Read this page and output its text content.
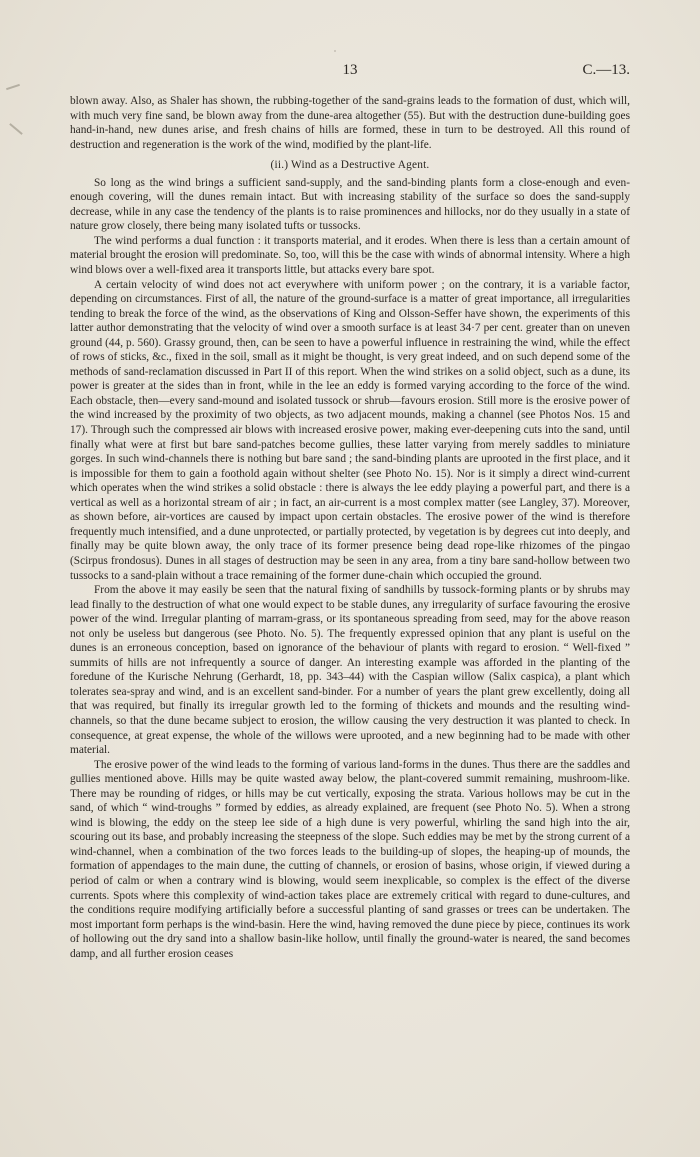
13	C.—13.

blown away. Also, as Shaler has shown, the rubbing-together of the sand-grains leads to the formation of dust, which will, with much very fine sand, be blown away from the dune-area altogether (55). But with the destruction dune-building goes hand-in-hand, new dunes arise, and fresh chains of hills are formed, these in turn to be destroyed. All this round of destruction and regeneration is the work of the wind, modified by the plant-life.

(ii.) Wind as a Destructive Agent.

So long as the wind brings a sufficient sand-supply, and the sand-binding plants form a close-enough and even-enough covering, will the dunes remain intact. But with increasing stability of the surface so does the sand-supply decrease, while in any case the tendency of the plants is to raise prominences and hillocks, nor do they usually in a state of nature grow closely, there being many isolated tufts or tussocks.

The wind performs a dual function : it transports material, and it erodes. When there is less than a certain amount of material brought the erosion will predominate. So, too, will this be the case with winds of abnormal intensity. Where a high wind blows over a well-fixed area it transports little, but attacks every bare spot.

A certain velocity of wind does not act everywhere with uniform power ; on the contrary, it is a variable factor, depending on circumstances. First of all, the nature of the ground-surface is a matter of great importance, all irregularities tending to break the force of the wind, as the observations of King and Olsson-Seffer have shown, the experiments of this latter author demonstrating that the velocity of wind over a smooth surface is at least 34·7 per cent. greater than on uneven ground (44, p. 560). Grassy ground, then, can be seen to have a powerful influence in restraining the wind, while the effect of rows of sticks, &c., fixed in the soil, small as it might be thought, is very great indeed, and on such depend some of the methods of sand-reclamation discussed in Part II of this report. When the wind strikes on a solid object, such as a dune, its power is greater at the sides than in front, while in the lee an eddy is formed varying according to the force of the wind. Each obstacle, then—every sand-mound and isolated tussock or shrub—favours erosion. Still more is the erosive power of the wind increased by the proximity of two objects, as two adjacent mounds, making a channel (see Photos Nos. 15 and 17). Through such the compressed air blows with increased erosive power, making ever-deepening cuts into the sand, until finally what were at first but bare sand-patches become gullies, these latter varying from merely saddles to miniature gorges. In such wind-channels there is nothing but bare sand ; the sand-binding plants are uprooted in the first place, and it is impossible for them to gain a foothold again without shelter (see Photo No. 15). Nor is it simply a direct wind-current which operates when the wind strikes a solid obstacle : there is always the lee eddy playing a powerful part, and there is a vertical as well as a horizontal stream of air ; in fact, an air-current is a most complex matter (see Langley, 37). Moreover, as shown before, air-vortices are caused by impact upon certain obstacles. The erosive power of the wind is therefore frequently much intensified, and a dune unprotected, or partially protected, by vegetation is by degrees cut into deeply, and finally may be quite blown away, the only trace of its former presence being dead rope-like rhizomes of the pingao (Scirpus frondosus). Dunes in all stages of destruction may be seen in any area, from a tiny bare sand-hollow between two tussocks to a sand-plain without a trace remaining of the former dune-chain which occupied the ground.

From the above it may easily be seen that the natural fixing of sandhills by tussock-forming plants or by shrubs may lead finally to the destruction of what one would expect to be stable dunes, any irregularity of surface favouring the erosive power of the wind. Irregular planting of marram-grass, or its spontaneous spreading from seed, may for the above reason not only be useless but dangerous (see Photo. No. 5). The frequently expressed opinion that any plant is useful on the dunes is an erroneous conception, based on ignorance of the behaviour of plants with regard to erosion. “ Well-fixed ” summits of hills are not infrequently a source of danger. An interesting example was afforded in the planting of the foredune of the Kurische Nehrung (Gerhardt, 18, pp. 343–44) with the Caspian willow (Salix caspica), a plant which tolerates sea-spray and wind, and is an excellent sand-binder. For a number of years the plant grew excellently, doing all that was required, but finally its irregular growth led to the forming of thickets and mounds and the resulting wind-channels, so that the dune became subject to erosion, the willow causing the very destruction it was planted to check. In consequence, at great expense, the whole of the willows were uprooted, and a new beginning had to be made with other material.

The erosive power of the wind leads to the forming of various land-forms in the dunes. Thus there are the saddles and gullies mentioned above. Hills may be quite wasted away below, the plant-covered summit remaining, mushroom-like. There may be rounding of ridges, or hills may be cut vertically, exposing the strata. Various hollows may be cut in the sand, of which “ wind-troughs ” formed by eddies, as already explained, are frequent (see Photo No. 5). When a strong wind is blowing, the eddy on the steep lee side of a high dune is very powerful, whirling the sand high into the air, scouring out its base, and probably increasing the steepness of the slope. Such eddies may be met by the strong current of a wind-channel, when a combination of the two forces leads to the building-up of slopes, the heaping-up of mounds, the formation of appendages to the main dune, the cutting of channels, or erosion of basins, whose origin, if viewed during a period of calm or when a contrary wind is blowing, would seem inexplicable, so complex is the effect of the diverse currents. Spots where this complexity of wind-action takes place are extremely critical with regard to dune-cultures, and the conditions require modifying artificially before a successful planting of sand grasses or trees can be undertaken. The most important form perhaps is the wind-basin. Here the wind, having removed the dune piece by piece, continues its work of hollowing out the dry sand into a shallow basin-like hollow, until finally the ground-water is neared, the sand becomes damp, and all further erosion ceases
